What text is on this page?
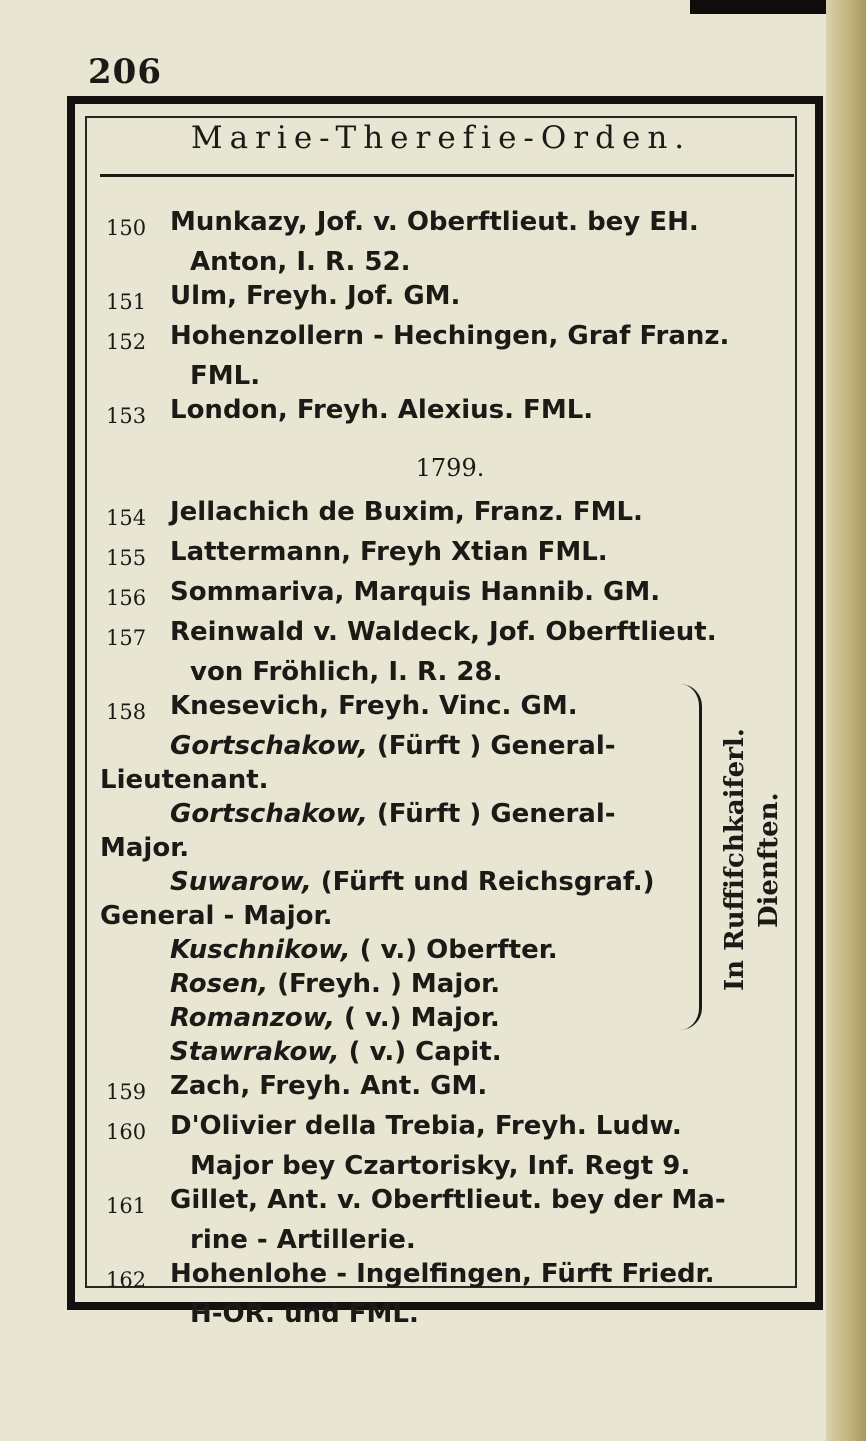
206
Marie-Therefie-Orden.
150 Munkazy, Jof. v. Oberftlieut. bey EH.
Anton, I. R. 52.
151 Ulm, Freyh. Jof. GM.
152 Hohenzollern - Hechingen, Graf Franz.
FML.
153 London, Freyh. Alexius. FML.
1799.
154 Jellachich de Buxim, Franz. FML.
155 Lattermann, Freyh Xtian FML.
156 Sommariva, Marquis Hannib. GM.
157 Reinwald v. Waldeck, Jof. Oberftlieut.
von Fröhlich, I. R. 28.
158 Knesevich, Freyh. Vinc. GM.
Gortschakow, (Fürft ) General-
Lieutenant.
Gortschakow, (Fürft ) General-
Major.
Suwarow, (Fürft und Reichsgraf.)
General - Major.
Kuschnikow, ( v.) Oberfter.
Rosen, (Freyh. ) Major.
Romanzow, ( v.) Major.
Stawrakow, ( v.) Capit.
159 Zach, Freyh. Ant. GM.
160 D'Olivier della Trebia, Freyh. Ludw.
Major bey Czartorisky, Inf. Regt 9.
161 Gillet, Ant. v. Oberftlieut. bey der Ma-
rine - Artillerie.
162 Hohenlohe - Ingelfingen, Fürft Friedr.
H-OR. und FML.
In Ruffifchkaiferl. Dienften.
